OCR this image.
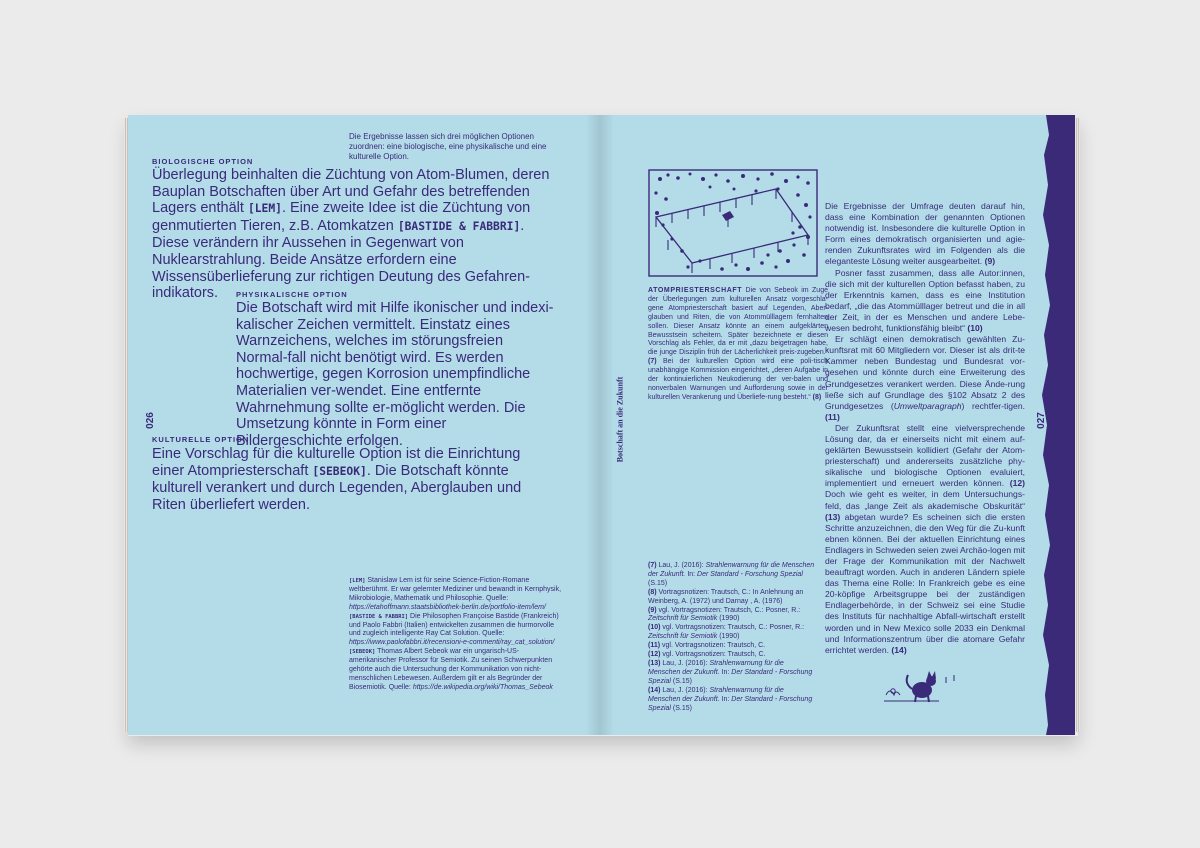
Die Ergebnisse lassen sich drei möglichen Optionen zuordnen: eine biologische, eine physikalische und eine kulturelle Option.

BIOLOGISCHE OPTION

Überlegung beinhalten die Züchtung von Atom-Blumen, deren Bauplan Botschaften über Art und Gefahr des betreffenden Lagers enthält [LEM]. Eine zweite Idee ist die Züchtung von genmutierten Tieren, z.B. Atomkatzen [BASTIDE & FABBRI]. Diese verändern ihr Aussehen in Gegenwart von Nuklearstrahlung. Beide Ansätze erfordern eine Wissensüberlieferung zur richtigen Deutung des Gefahren-indikators.	PHYSIKALISCHE OPTION

Die Botschaft wird mit Hilfe ikonischer und indexi-kalischer Zeichen vermittelt. Einstatz eines Warnzeichens, welches im störungsfreien Normal-fall nicht benötigt wird. Es werden hochwertige, gegen Korrosion unempfindliche Materialien ver-wendet. Eine entfernte Wahrnehmung sollte er-möglicht werden. Die Umsetzung könnte in Form einer Bildergeschichte erfolgen.

026

KULTURELLE OPTION

Eine Vorschlag für die kulturelle Option ist die Einrichtung einer Atompriesterschaft [SEBEOK]. Die Botschaft könnte kulturell verankert und durch Legenden, Aberglauben und Riten überliefert werden.

[LEM] Stanislaw Lem ist für seine Science-Fiction-Romane weltberühmt. Er war gelernter Mediziner und bewandt in Kernphysik, Mikrobiologie, Mathematik und Philosophie. Quelle: https://etahoffmann.staatsbibliothek-berlin.de/portfolio-item/lem/
[BASTIDE & FABBRI] Die Philosophen Françoise Bastide (Frankreich) und Paolo Fabbri (Italien) entwickelten zusammen die hurmorvolle und zugleich intelligente Ray Cat Solution. Quelle: https://www.paolofabbri.it/recensioni-e-commenti/ray_cat_solution/
[SEBEOK] Thomas Albert Sebeok war ein ungarisch-US-amerikanischer Professor für Semiotik. Zu seinen Schwerpunkten gehörte auch die Untersuchung der Kommunikation von nicht-menschlichen Lebewesen. Außerdem gilt er als Begründer der Biosemiotik. Quelle: https://de.wikipedia.org/wiki/Thomas_Sebeok
Botschaft an die Zukunft

ATOMPRIESTERSCHAFT Die von Sebeok im Zuge der Überlegungen zum kulturellen Ansatz vorgeschla-gene Atompriesterschaft basiert auf Legenden, Aber-glauben und Riten, die von Atommülllagern fernhalten sollen. Dieser Ansatz könnte an einem aufgeklärten Bewusstsein scheitern. Später bezeichnete er diesen Vorschlag als Fehler, da er mit „dazu beigetragen habe, die junge Disziplin früh der Lächerlichkeit preis-zugeben.“ (7) Bei der kulturellen Option wird eine poli-tisch unabhängige Kommission eingerichtet, „deren Aufgabe in der kontinuierlichen Neukodierung der ver-balen und nonverbalen Warnungen und Aufforderung sowie in der kulturellen Verankerung und Überliefe-rung besteht.“ (8)

Die Ergebnisse der Umfrage deuten darauf hin, dass eine Kombination der genannten Optionen notwendig ist. Insbesondere die kulturelle Option in Form eines demokratisch organisierten und agie-renden Zukunftsrates wird im Folgenden als die eleganteste Lösung weiter ausgearbeitet. (9)
Posner fasst zusammen, dass alle Autor:innen, die sich mit der kulturellen Option befasst haben, zu der Erkenntnis kamen, dass es eine Institution bedarf, „die das Atommülllager betreut und die in all der Zeit, in der es Menschen und andere Lebe-wesen bedroht, funktionsfähig bleibt“ (10)
Er schlägt einen demokratisch gewählten Zu-kunftsrat mit 60 Mitgliedern vor. Dieser ist als drit-te Kammer neben Bundestag und Bundesrat vor-gesehen und könnte durch eine Erweiterung des Grundgesetzes verankert werden. Diese Ände-rung ließe sich auf Grundlage des §102 Absatz 2 des Grundgesetzes (Umweltparagraph) rechtfer-tigen. (11)
Der Zukunftsrat stellt eine vielversprechende Lösung dar, da er einerseits nicht mit einem auf-geklärten Bewusstsein kollidiert (Gefahr der Atom-priesterschaft) und andererseits zusätzliche phy-sikalische und biologische Optionen evaluiert, implementiert und erneuert werden können. (12) Doch wie geht es weiter, in dem Untersuchungs-feld, das „lange Zeit als akademische Obskurität“ (13) abgetan wurde? Es scheinen sich die ersten Schritte anzuzeichnen, die den Weg für die Zu-kunft ebnen können. Bei der aktuellen Einrichtung eines Endlagers in Schweden seien zwei Archäo-logen mit der Frage der Kommunikation mit der Nachwelt beauftragt worden. Auch in anderen Ländern spiele das Thema eine Rolle: In Frankreich gebe es eine 20-köpfige Arbeitsgruppe bei der zuständigen Endlagerbehörde, in der Schweiz sei eine Studie des Instituts für nachhaltige Abfall-wirtschaft erstellt worden und in New Mexico solle 2033 ein Denkmal und Informationszentrum über die atomare Gefahr errichtet werden. (14)
027
(7) Lau, J. (2016): Strahlenwarnung für die Menschen der Zukunft. In: Der Standard - Forschung Spezial (S.15)
(8) Vortragsnotizen: Trautsch, C.: In Anlehnung an Weinberg, A. (1972) und Darnay , A. (1976)
(9) vgl. Vortragsnotizen: Trautsch, C.: Posner, R.: Zeitschrift für Semiotik (1990)
(10) vgl. Vortragsnotizen: Trautsch, C.: Posner, R.: Zeitschrift für Semiotik (1990)
(11) vgl. Vortragsnotizen: Trautsch, C.
(12) vgl. Vortragsnotizen: Trautsch, C.
(13) Lau, J. (2016): Strahlenwarnung für die Menschen der Zukunft. In: Der Standard - Forschung Spezial (S.15)
(14) Lau, J. (2016): Strahlenwarnung für die Menschen der Zukunft. In: Der Standard - Forschung Spezial (S.15)
